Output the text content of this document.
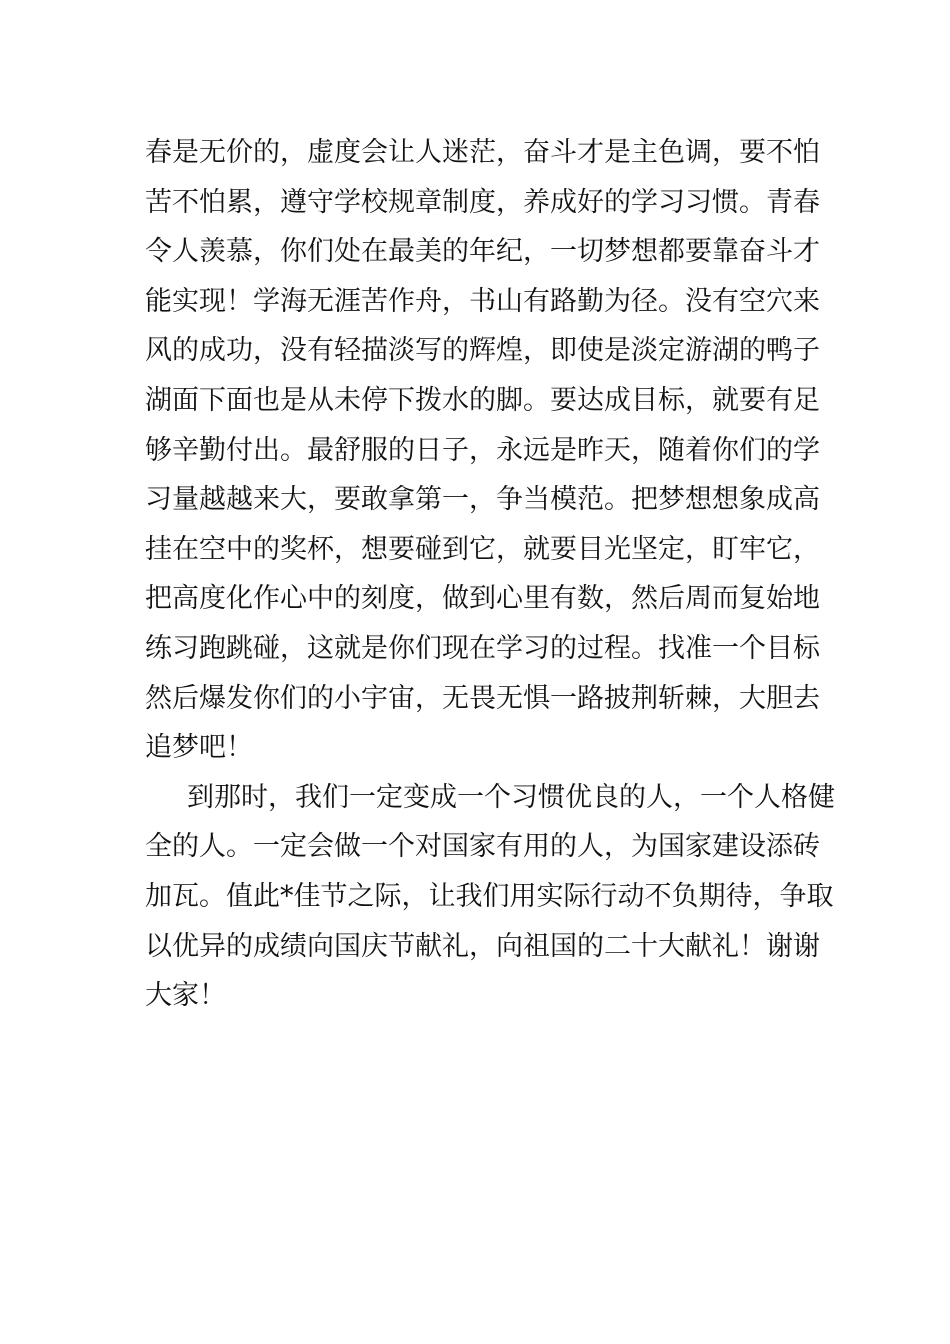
春是无价的，虚度会让人迷茫，奋斗才是主色调，要不怕
苦不怕累，遵守学校规章制度，养成好的学习习惯。青春
令人羡慕，你们处在最美的年纪，一切梦想都要靠奋斗才
能实现！学海无涯苦作舟，书山有路勤为径。没有空穴来
风的成功，没有轻描淡写的辉煌，即使是淡定游湖的鸭子
湖面下面也是从未停下拨水的脚。要达成目标，就要有足
够辛勤付出。最舒服的日子，永远是昨天，随着你们的学
习量越越来大，要敢拿第一，争当模范。把梦想想象成高
挂在空中的奖杯，想要碰到它，就要目光坚定，盯牢它，
把高度化作心中的刻度，做到心里有数，然后周而复始地
练习跑跳碰，这就是你们现在学习的过程。找准一个目标
然后爆发你们的小宇宙，无畏无惧一路披荆斩棘，大胆去
追梦吧！
到那时，我们一定变成一个习惯优良的人，一个人格健
全的人。一定会做一个对国家有用的人，为国家建设添砖
加瓦。值此*佳节之际，让我们用实际行动不负期待，争取
以优异的成绩向国庆节献礼，向祖国的二十大献礼！谢谢
大家！
